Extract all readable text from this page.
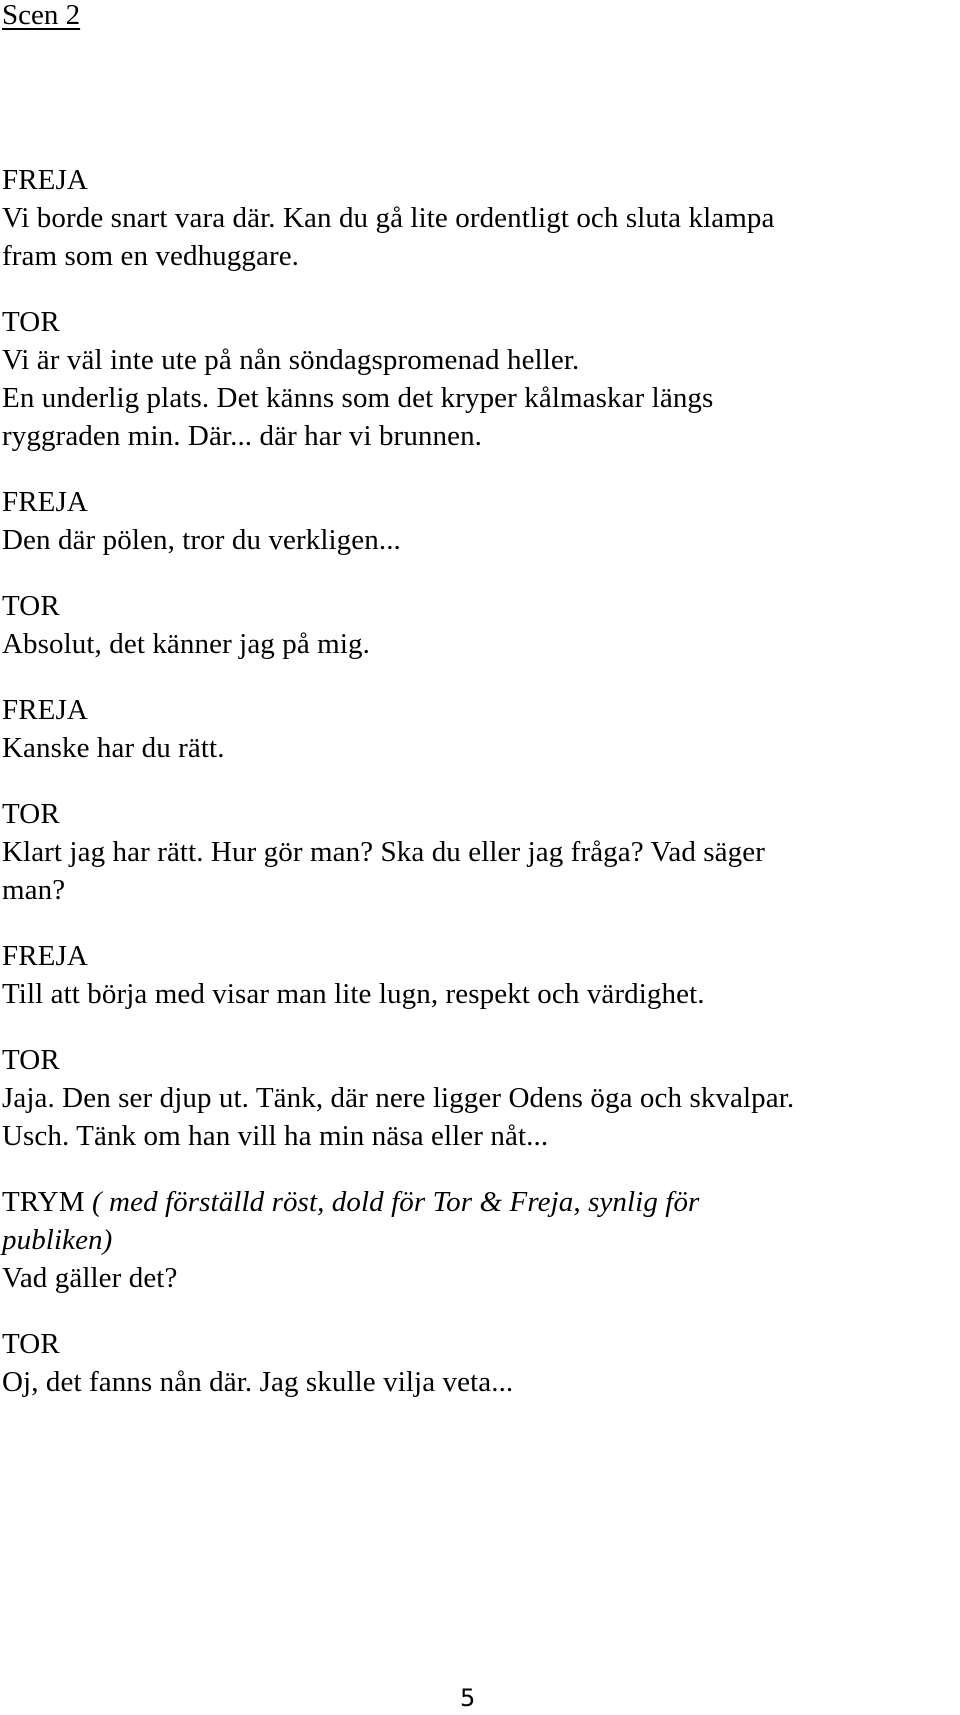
Scen 2
FREJA
Vi borde snart vara där. Kan du gå lite ordentligt och sluta klampa
fram som en vedhuggare.
TOR
Vi är väl inte ute på nån söndagspromenad heller.
En underlig plats. Det känns som det kryper kålmaskar längs
ryggraden min. Där... där har vi brunnen.
FREJA
Den där pölen, tror du verkligen...
TOR
Absolut, det känner jag på mig.
FREJA
Kanske har du rätt.
TOR
Klart jag har rätt. Hur gör man? Ska du eller jag fråga? Vad säger
man?
FREJA
Till att börja med visar man lite lugn, respekt och värdighet.
TOR
Jaja. Den ser djup ut. Tänk, där nere ligger Odens öga och skvalpar.
Usch. Tänk om han vill ha min näsa eller nåt...
TRYM ( med förställd röst, dold för Tor & Freja, synlig för
publiken)
Vad gäller det?
TOR
Oj, det fanns nån där. Jag skulle vilja veta...
5
